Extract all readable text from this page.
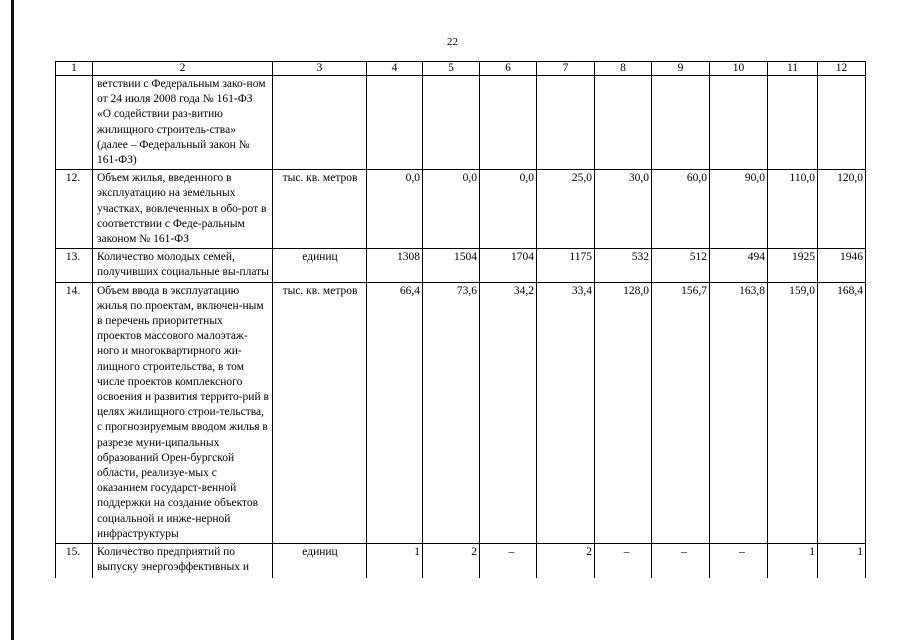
22
1	2	3	4	5	6	7	8	9	10	11	12
	ветствии с Федеральным зако-ном от 24 июля 2008 года № 161-ФЗ «О содействии раз-витию жилищного строитель-ства» (далее – Федеральный закон № 161-ФЗ)										
12.	Объем жилья, введенного в эксплуатацию на земельных участках, вовлеченных в обо-рот в соответствии с Феде-ральным законом № 161-ФЗ	тыс. кв. метров	0,0	0,0	0,0	25,0	30,0	60,0	90,0	110,0	120,0
13.	Количество молодых семей, получивших социальные вы-платы	единиц	1308	1504	1704	1175	532	512	494	1925	1946
14.	Объем ввода в эксплуатацию жилья по проектам, включен-ным в перечень приоритетных проектов массового малоэтаж-ного и многоквартирного жи-лищного строительства, в том числе проектов комплексного освоения и развития террито-рий в целях жилищного строи-тельства, с прогнозируемым вводом жилья в разрезе муни-ципальных образований Орен-бургской области, реализуе-мых с оказанием государст-венной поддержки на создание объектов социальной и инже-нерной инфраструктуры	тыс. кв. метров	66,4	73,6	34,2	33,4	128,0	156,7	163,8	159,0	168,4
15.	Количество предприятий по выпуску энергоэффективных и	единиц	1	2	–	2	–	–	–	1	1
